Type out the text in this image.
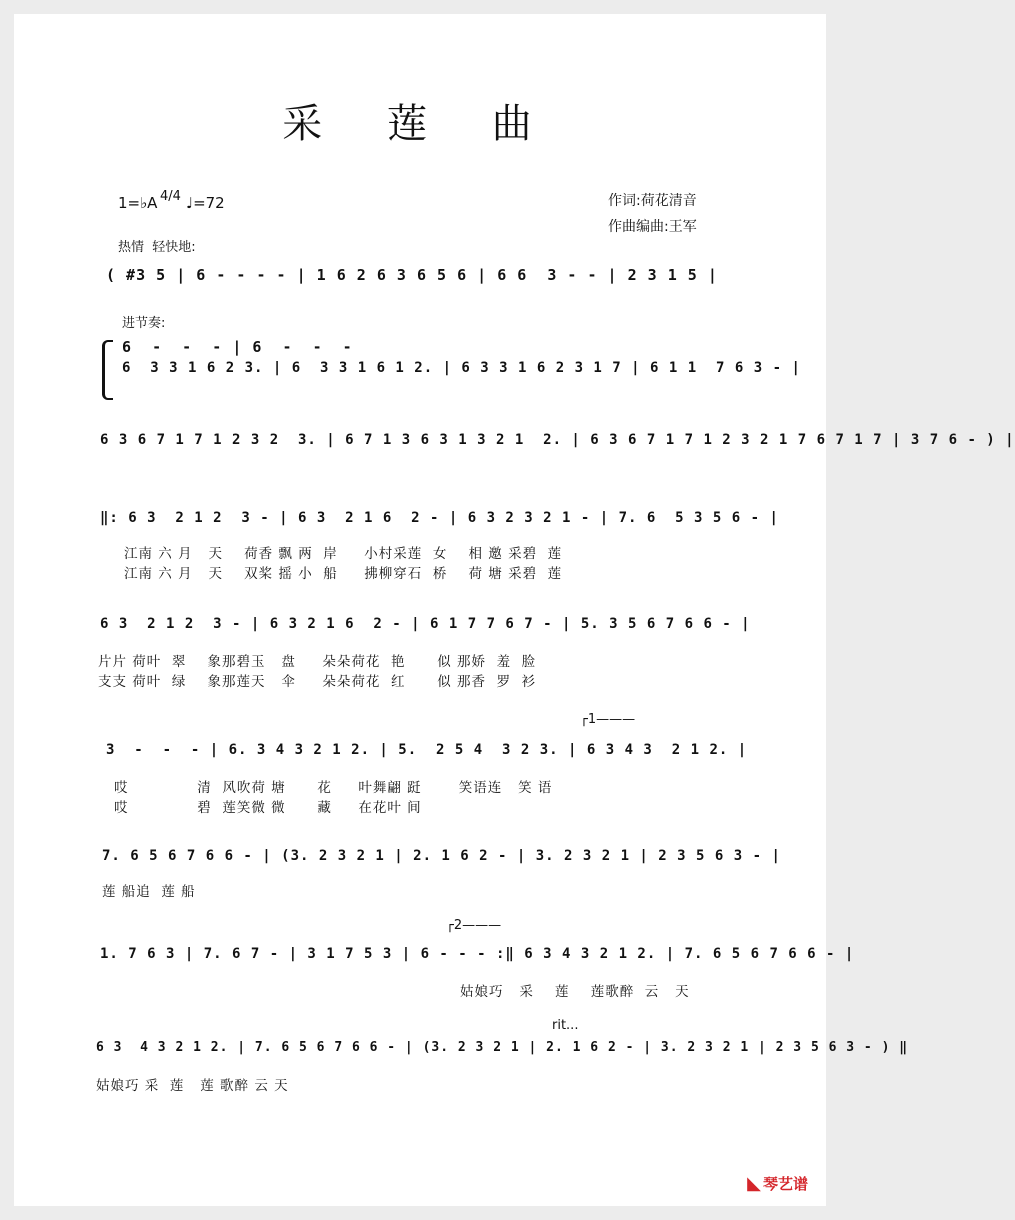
采 莲 曲
1=♭A 4/4 ♩=72	作词:荷花清音
作曲编曲:王军
热情  轻快地:
( #3 5 | 6 - - - - | 1 6 2 6 3 6 5 6 | 6 6  3 - - | 2 3 1 5 |
进节奏:
6  -  -  - | 6  -  -  -
6  3 3 1 6 2 3. | 6  3 3 1 6 1 2. | 6 3 3 1 6 2 3 1 7 | 6 1 1  7 6 3 - |
6 3 6 7 1 7 1 2 3 2  3. | 6 7 1 3 6 3 1 3 2 1  2. | 6 3 6 7 1 7 1 2 3 2 1 7 6 7 1 7 | 3 7 6 - ) |
‖: 6 3  2 1 2  3 - | 6 3  2 1 6  2 - | 6 3 2 3 2 1 - | 7. 6  5 3 5 6 - |
江南 六 月   天    荷香 飘 两  岸     小村采莲  女    相 邀 采碧  莲
江南 六 月   天    双桨 摇 小  船     拂柳穿石  桥    荷 塘 采碧  莲
6 3  2 1 2  3 - | 6 3 2 1 6  2 - | 6 1 7 7 6 7 - | 5. 3 5 6 7 6 6 - |
片片 荷叶  翠    象那碧玉   盘     朵朵荷花  艳      似 那娇  羞  脸
支支 荷叶  绿    象那莲天   伞     朵朵荷花  红      似 那香  罗  衫
┌1———
3  -  -  - | 6. 3 4 3 2 1 2. | 5.  2 5 4  3 2 3. | 6 3 4 3  2 1 2. |
哎             清  风吹荷 塘      花     叶舞翩 跹       笑语连   笑 语
哎             碧  莲笑微 微      藏     在花叶 间
7. 6 5 6 7 6 6 - | (3. 2 3 2 1 | 2. 1 6 2 - | 3. 2 3 2 1 | 2 3 5 6 3 - |
莲 船追  莲 船
┌2———
1. 7 6 3 | 7. 6 7 - | 3 1 7 5 3 | 6 - - - :‖ 6 3 4 3 2 1 2. | 7. 6 5 6 7 6 6 - |
姑娘巧   采    莲    莲歌醉  云   天
rit...
6 3  4 3 2 1 2. | 7. 6 5 6 7 6 6 - | (3. 2 3 2 1 | 2. 1 6 2 - | 3. 2 3 2 1 | 2 3 5 6 3 - ) ‖
姑娘巧 采  莲   莲 歌醉 云 天
◣ 琴艺谱
